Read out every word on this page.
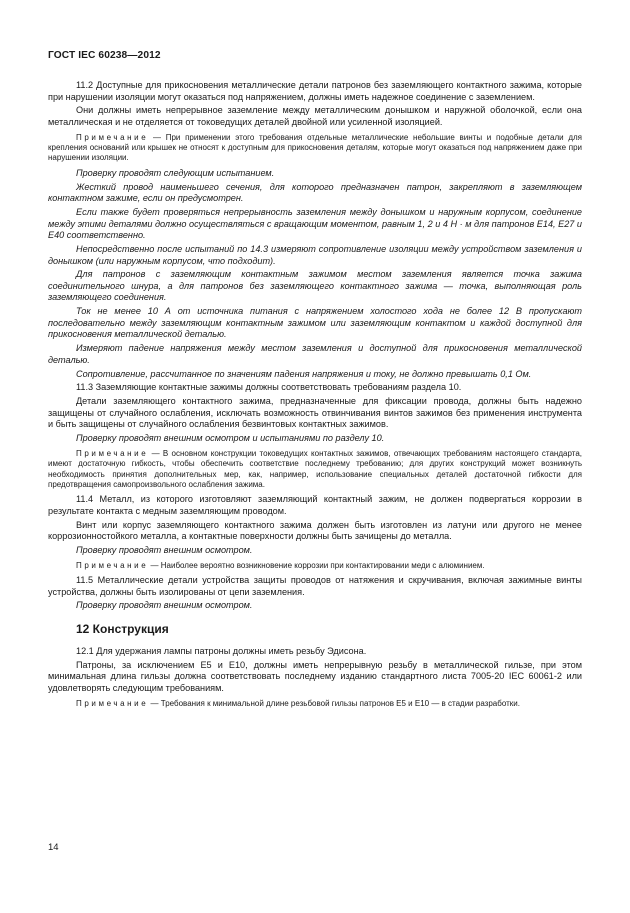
ГОСТ IEC 60238—2012

11.2 Доступные для прикосновения металлические детали патронов без заземляющего контактного зажима, которые при нарушении изоляции могут оказаться под напряжением, должны иметь надежное соединение с заземлением.

Они должны иметь непрерывное заземление между металлическим донышком и наружной оболочкой, если она металлическая и не отделяется от токоведущих деталей двойной или усиленной изоляцией.

Примечание — При применении этого требования отдельные металлические небольшие винты и подобные детали для крепления оснований или крышек не относят к доступным для прикосновения деталям, которые могут оказаться под напряжением даже при нарушении изоляции.

Проверку проводят следующим испытанием.

Жесткий провод наименьшего сечения, для которого предназначен патрон, закрепляют в заземляющем контактном зажиме, если он предусмотрен.

Если также будет проверяться непрерывность заземления между донышком и наружным корпусом, соединение между этими деталями должно осуществляться с вращающим моментом, равным 1, 2 и 4 Н · м для патронов E14, E27 и E40 соответственно.

Непосредственно после испытаний по 14.3 измеряют сопротивление изоляции между устройством заземления и донышком (или наружным корпусом, что подходит).

Для патронов с заземляющим контактным зажимом местом заземления является точка зажима соединительного шнура, а для патронов без заземляющего контактного зажима — точка, выполняющая роль заземляющего соединения.

Ток не менее 10 А от источника питания с напряжением холостого хода не более 12 В пропускают последовательно между заземляющим контактным зажимом или заземляющим контактом и каждой доступной для прикосновения металлической деталью.

Измеряют падение напряжения между местом заземления и доступной для прикосновения металлической деталью.

Сопротивление, рассчитанное по значениям падения напряжения и току, не должно превышать 0,1 Ом.

11.3 Заземляющие контактные зажимы должны соответствовать требованиям раздела 10.

Детали заземляющего контактного зажима, предназначенные для фиксации провода, должны быть надежно защищены от случайного ослабления, исключать возможность отвинчивания винтов зажимов без применения инструмента и быть защищены от случайного ослабления безвинтовых контактных зажимов.

Проверку проводят внешним осмотром и испытаниями по разделу 10.

Примечание — В основном конструкции токоведущих контактных зажимов, отвечающих требованиям настоящего стандарта, имеют достаточную гибкость, чтобы обеспечить соответствие последнему требованию; для других конструкций может возникнуть необходимость принятия дополнительных мер, как, например, использование специальных деталей достаточной гибкости для предотвращения самопроизвольного ослабления зажима.

11.4 Металл, из которого изготовляют заземляющий контактный зажим, не должен подвергаться коррозии в результате контакта с медным заземляющим проводом.

Винт или корпус заземляющего контактного зажима должен быть изготовлен из латуни или другого не менее коррозионностойкого металла, а контактные поверхности должны быть зачищены до металла.

Проверку проводят внешним осмотром.

Примечание — Наиболее вероятно возникновение коррозии при контактировании меди с алюминием.

11.5 Металлические детали устройства защиты проводов от натяжения и скручивания, включая зажимные винты устройства, должны быть изолированы от цепи заземления.

Проверку проводят внешним осмотром.

12 Конструкция

12.1 Для удержания лампы патроны должны иметь резьбу Эдисона.

Патроны, за исключением E5 и E10, должны иметь непрерывную резьбу в металлической гильзе, при этом минимальная длина гильзы должна соответствовать последнему изданию стандартного листа 7005-20 IEC 60061-2 или удовлетворять следующим требованиям.

Примечание — Требования к минимальной длине резьбовой гильзы патронов E5 и E10 — в стадии разработки.

14
